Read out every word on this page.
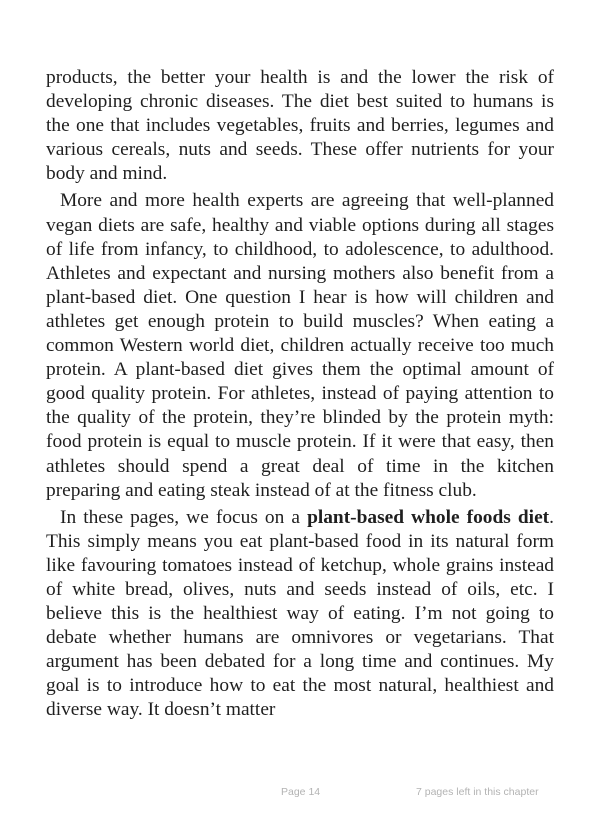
products, the better your health is and the lower the risk of developing chronic diseases. The diet best suited to humans is the one that includes vegetables, fruits and berries, legumes and various cereals, nuts and seeds. These offer nutrients for your body and mind.

More and more health experts are agreeing that well-planned vegan diets are safe, healthy and viable options during all stages of life from infancy, to childhood, to adolescence, to adulthood. Athletes and expectant and nursing mothers also benefit from a plant-based diet. One question I hear is how will children and athletes get enough protein to build muscles? When eating a common Western world diet, children actually receive too much protein. A plant-based diet gives them the optimal amount of good quality protein. For athletes, instead of paying attention to the quality of the protein, they’re blinded by the protein myth: food protein is equal to muscle protein. If it were that easy, then athletes should spend a great deal of time in the kitchen preparing and eating steak instead of at the fitness club.

In these pages, we focus on a plant-based whole foods diet. This simply means you eat plant-based food in its natural form like favouring tomatoes instead of ketchup, whole grains instead of white bread, olives, nuts and seeds instead of oils, etc. I believe this is the healthiest way of eating. I’m not going to debate whether humans are omnivores or vegetarians. That argument has been debated for a long time and continues. My goal is to introduce how to eat the most natural, healthiest and diverse way. It doesn’t matter

Page 14	7 pages left in this chapter
